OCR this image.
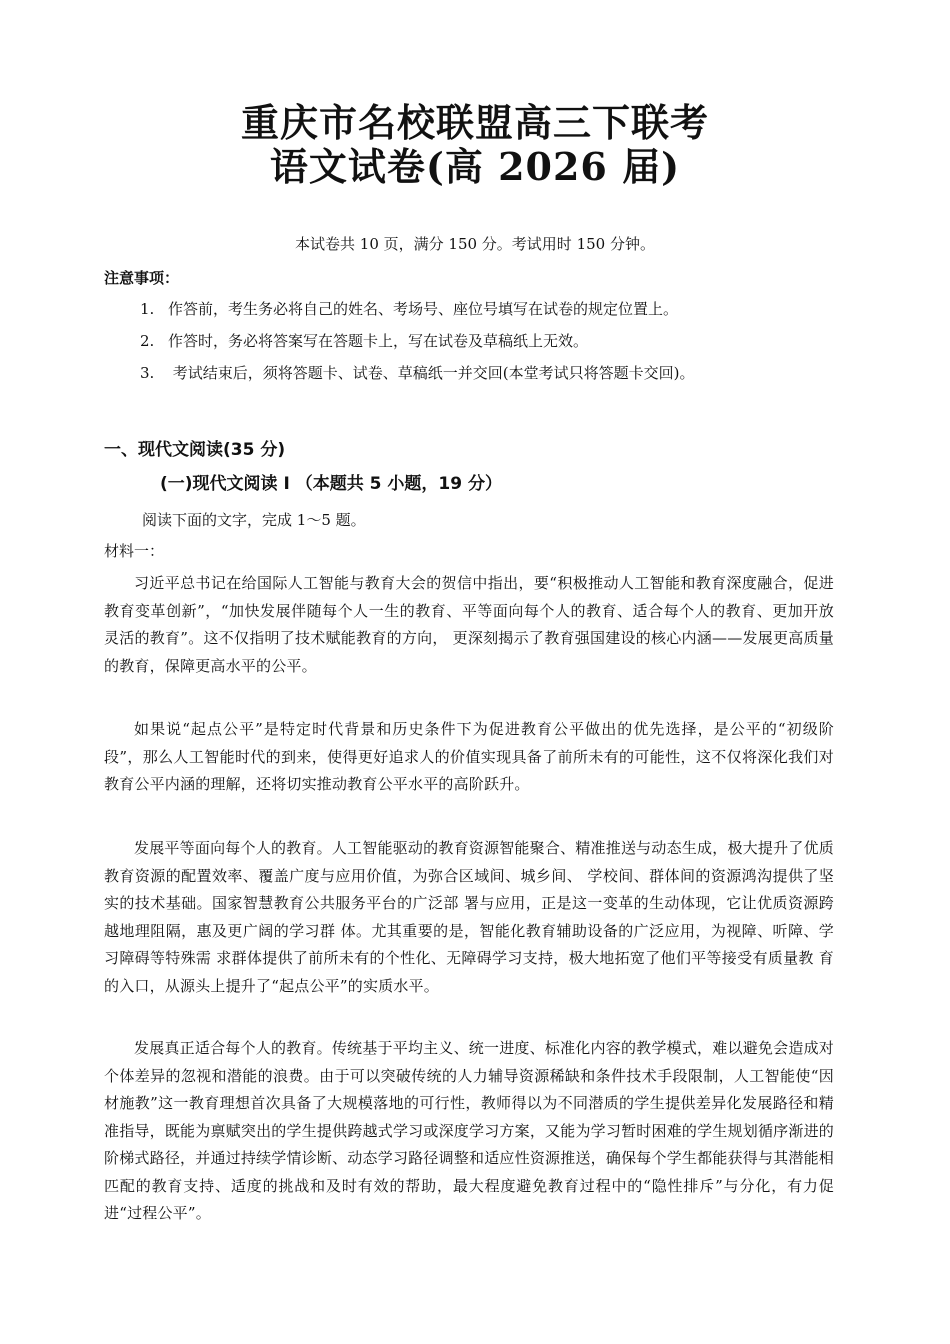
重庆市名校联盟高三下联考
语文试卷(高 2026 届)
本试卷共 10 页，满分 150 分。考试用时 150 分钟。
注意事项：
1. 作答前，考生务必将自己的姓名、考场号、座位号填写在试卷的规定位置上。
2. 作答时，务必将答案写在答题卡上，写在试卷及草稿纸上无效。
3. 考试结束后，须将答题卡、试卷、草稿纸一并交回(本堂考试只将答题卡交回)。
一、现代文阅读(35 分)
(一)现代文阅读 Ⅰ （本题共 5 小题，19 分）
阅读下面的文字，完成 1～5 题。
材料一：
习近平总书记在给国际人工智能与教育大会的贺信中指出，要“积极推动人工智能和教育深度融合，促进教育变革创新”，“加快发展伴随每个人一生的教育、平等面向每个人的教育、适合每个人的教育、更加开放灵活的教育”。这不仅指明了技术赋能教育的方向， 更深刻揭示了教育强国建设的核心内涵——发展更高质量的教育，保障更高水平的公平。
如果说“起点公平”是特定时代背景和历史条件下为促进教育公平做出的优先选择，是公平的“初级阶段”，那么人工智能时代的到来，使得更好追求人的价值实现具备了前所未有的可能性，这不仅将深化我们对教育公平内涵的理解，还将切实推动教育公平水平的高阶跃升。
发展平等面向每个人的教育。人工智能驱动的教育资源智能聚合、精准推送与动态生成，极大提升了优质教育资源的配置效率、覆盖广度与应用价值，为弥合区域间、城乡间、 学校间、群体间的资源鸿沟提供了坚实的技术基础。国家智慧教育公共服务平台的广泛部 署与应用，正是这一变革的生动体现，它让优质资源跨越地理阻隔，惠及更广阔的学习群 体。尤其重要的是，智能化教育辅助设备的广泛应用，为视障、听障、学习障碍等特殊需 求群体提供了前所未有的个性化、无障碍学习支持，极大地拓宽了他们平等接受有质量教 育的入口，从源头上提升了“起点公平”的实质水平。
发展真正适合每个人的教育。传统基于平均主义、统一进度、标准化内容的教学模式，难以避免会造成对个体差异的忽视和潜能的浪费。由于可以突破传统的人力辅导资源稀缺和条件技术手段限制，人工智能使“因材施教”这一教育理想首次具备了大规模落地的可行性，教师得以为不同潜质的学生提供差异化发展路径和精准指导，既能为禀赋突出的学生提供跨越式学习或深度学习方案，又能为学习暂时困难的学生规划循序渐进的阶梯式路径，并通过持续学情诊断、动态学习路径调整和适应性资源推送，确保每个学生都能获得与其潜能相匹配的教育支持、适度的挑战和及时有效的帮助，最大程度避免教育过程中的“隐性排斥”与分化，有力促进“过程公平”。
